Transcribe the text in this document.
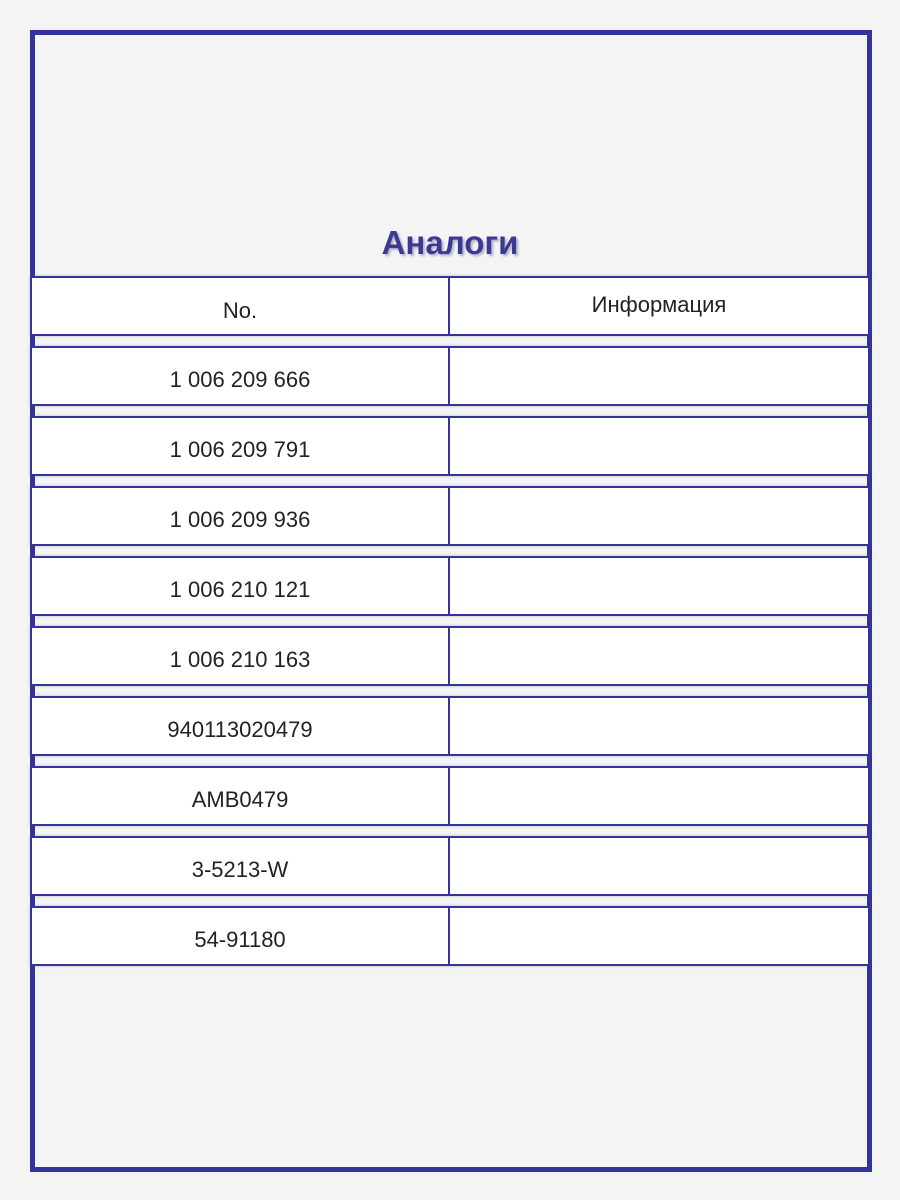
Аналоги
No.	Информация
1 006 209 666
1 006 209 791
1 006 209 936
1 006 210 121
1 006 210 163
940113020479
AMB0479
3-5213-W
54-91180
